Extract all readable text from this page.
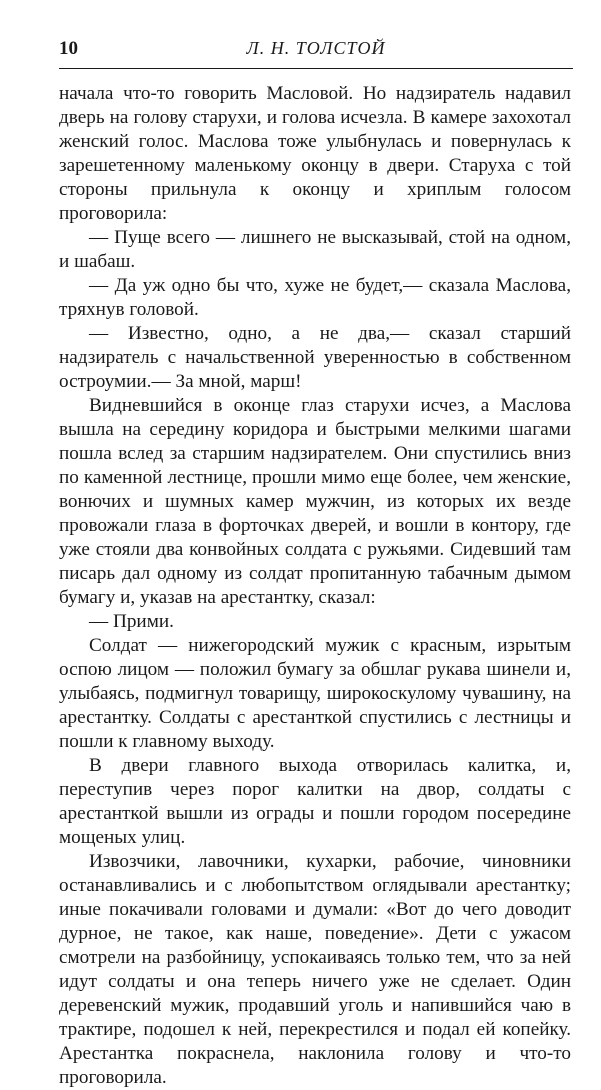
10	Л. Н. ТОЛСТОЙ

начала что-то говорить Масловой. Но надзиратель надавил дверь на голову старухи, и голова исчезла. В камере захохотал женский голос. Маслова тоже улыбнулась и повернулась к зарешетенному маленькому оконцу в двери. Старуха с той стороны прильнула к оконцу и хриплым голосом проговорила:

— Пуще всего — лишнего не высказывай, стой на одном, и шабаш.

— Да уж одно бы что, хуже не будет,— сказала Маслова, тряхнув головой.

— Известно, одно, а не два,— сказал старший надзиратель с начальственной уверенностью в собственном остроумии.— За мной, марш!

Видневшийся в оконце глаз старухи исчез, а Маслова вышла на середину коридора и быстрыми мелкими шагами пошла вслед за старшим надзирателем. Они спустились вниз по каменной лестнице, прошли мимо еще более, чем женские, вонючих и шумных камер мужчин, из которых их везде провожали глаза в форточках дверей, и вошли в контору, где уже стояли два конвойных солдата с ружьями. Сидевший там писарь дал одному из солдат пропитанную табачным дымом бумагу и, указав на арестантку, сказал:

— Прими.

Солдат — нижегородский мужик с красным, изрытым оспою лицом — положил бумагу за обшлаг рукава шинели и, улыбаясь, подмигнул товарищу, широкоскулому чувашину, на арестантку. Солдаты с арестанткой спустились с лестницы и пошли к главному выходу.

В двери главного выхода отворилась калитка, и, переступив через порог калитки на двор, солдаты с арестанткой вышли из ограды и пошли городом посередине мощеных улиц.

Извозчики, лавочники, кухарки, рабочие, чиновники останавливались и с любопытством оглядывали арестантку; иные покачивали головами и думали: «Вот до чего доводит дурное, не такое, как наше, поведение». Дети с ужасом смотрели на разбойницу, успокаиваясь только тем, что за ней идут солдаты и она теперь ничего уже не сделает. Один деревенский мужик, продавший уголь и напившийся чаю в трактире, подошел к ней, перекрестился и подал ей копейку. Арестантка покраснела, наклонила голову и что-то проговорила.
